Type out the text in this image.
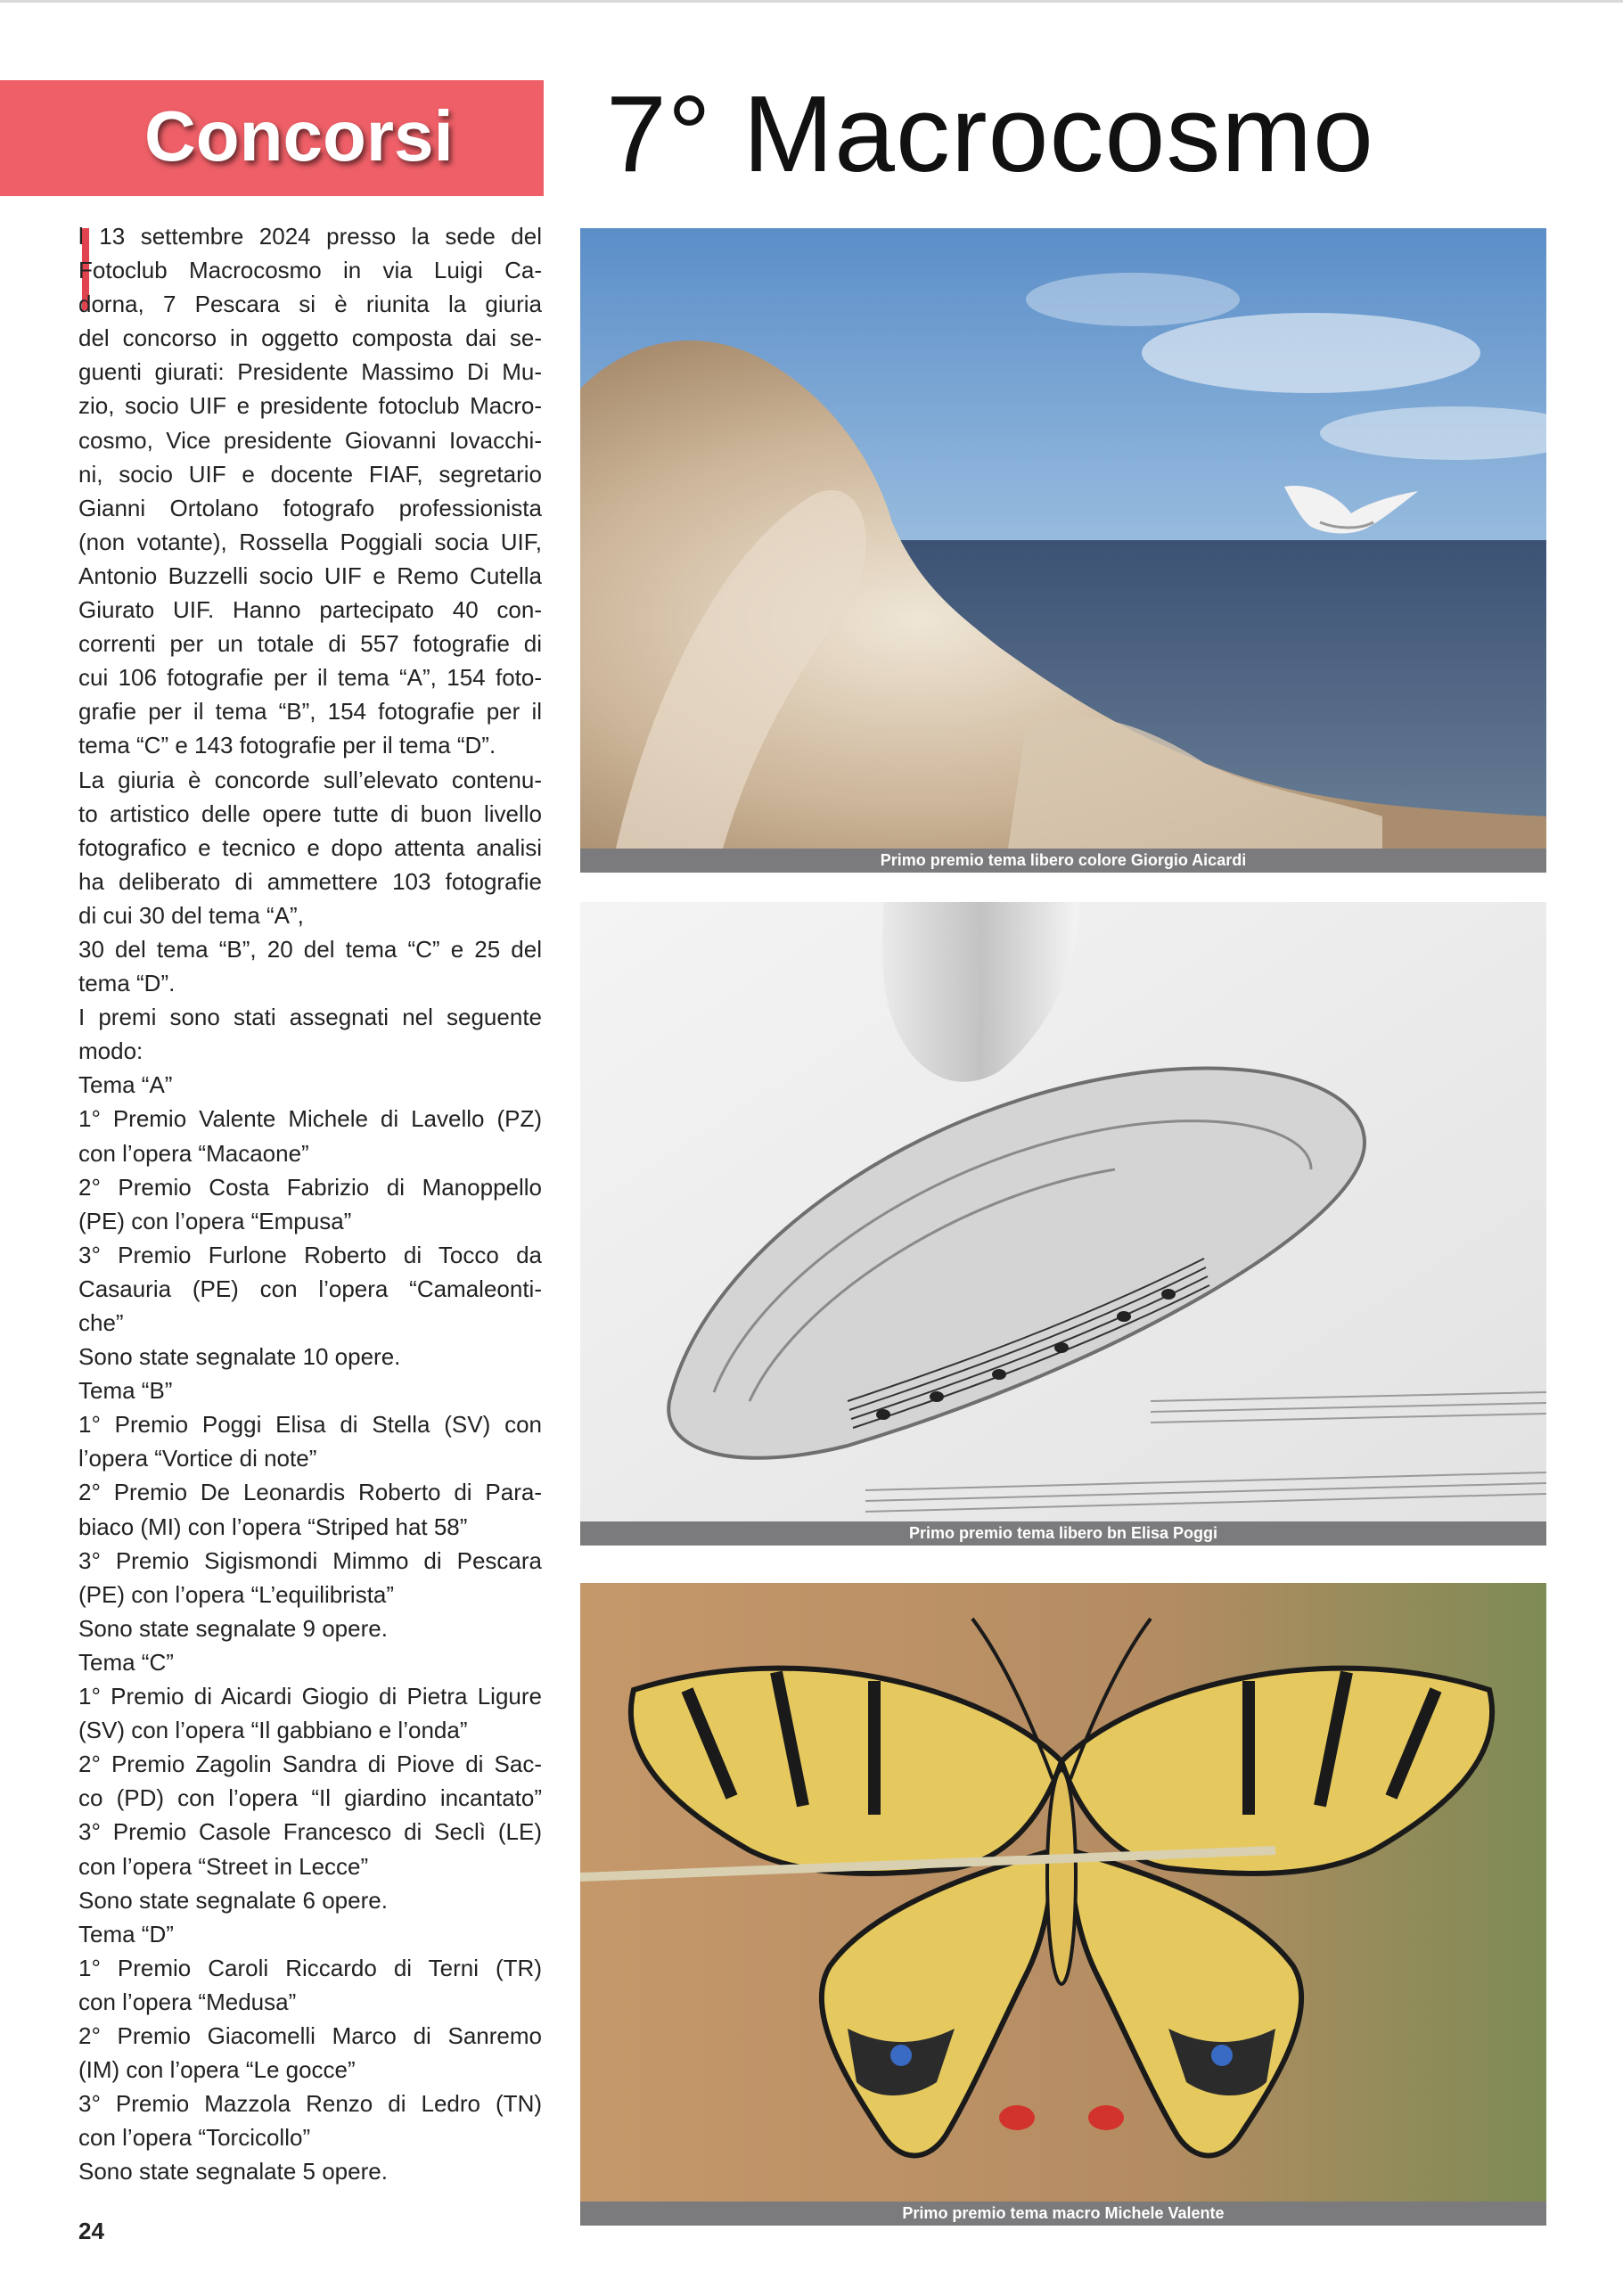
Concorsi 7° Macrocosmo
l 13 settembre 2024 presso la sede del
Fotoclub Macrocosmo in via Luigi Ca-
dorna, 7 Pescara si è riunita la giuria
del concorso in oggetto composta dai se-
guenti giurati: Presidente Massimo Di Mu-
zio, socio UIF e presidente fotoclub Macro-
cosmo, Vice presidente Giovanni Iovacchi-
ni, socio UIF e docente FIAF, segretario
Gianni Ortolano fotografo professionista
(non votante), Rossella Poggiali socia UIF,
Antonio Buzzelli socio UIF e Remo Cutella
Giurato UIF. Hanno partecipato 40 con-
correnti per un totale di 557 fotografie di
cui 106 fotografie per il tema “A”, 154 foto-
grafie per il tema “B”, 154 fotografie per il
tema “C” e 143 fotografie per il tema “D”.
La giuria è concorde sull’elevato contenu-
to artistico delle opere tutte di buon livello
fotografico e tecnico e dopo attenta analisi
ha deliberato di ammettere 103 fotografie
di cui 30 del tema “A”,
30 del tema “B”, 20 del tema “C” e 25 del
tema “D”.
I premi sono stati assegnati nel seguente
modo:
Tema “A”
1° Premio Valente Michele di Lavello (PZ)
con l’opera “Macaone”
2° Premio Costa Fabrizio di Manoppello
(PE) con l’opera “Empusa”
3° Premio Furlone Roberto di Tocco da
Casauria (PE) con l’opera “Camaleonti-
che”
Sono state segnalate 10 opere.
Tema “B”
1° Premio Poggi Elisa di Stella (SV) con
l’opera “Vortice di note”
2° Premio De Leonardis Roberto di Para-
biaco (MI) con l’opera “Striped hat 58”
3° Premio Sigismondi Mimmo di Pescara
(PE) con l’opera “L’equilibrista”
Sono state segnalate 9 opere.
Tema “C”
1° Premio di Aicardi Giogio di Pietra Ligure
(SV) con l’opera “Il gabbiano e l’onda”
2° Premio Zagolin Sandra di Piove di Sac-
co (PD) con l’opera “Il giardino incantato”
3° Premio Casole Francesco di Seclì (LE)
con l’opera “Street in Lecce”
Sono state segnalate 6 opere.
Tema “D”
1° Premio Caroli Riccardo di Terni (TR)
con l’opera “Medusa”
2° Premio Giacomelli Marco di Sanremo
(IM) con l’opera “Le gocce”
3° Premio Mazzola Renzo di Ledro (TN)
con l’opera “Torcicollo”
Sono state segnalate 5 opere.
Primo premio tema libero colore Giorgio Aicardi
Primo premio tema libero bn Elisa Poggi
Primo premio tema macro Michele Valente
24
